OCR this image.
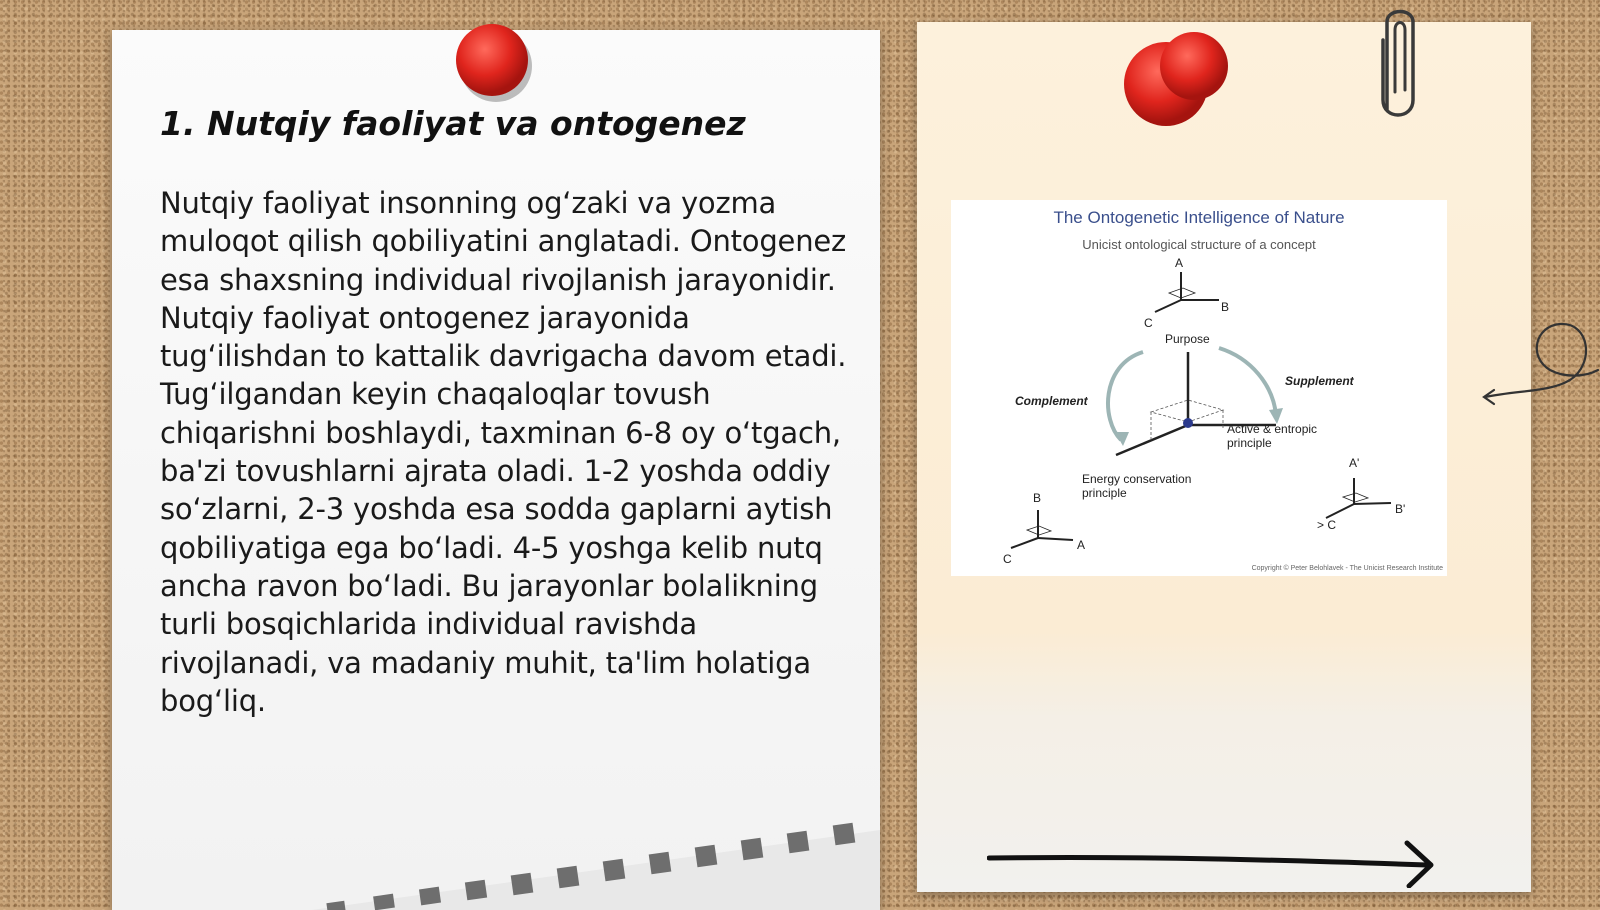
1. Nutqiy faoliyat va ontogenez

Nutqiy faoliyat insonning og‘zaki va yozma muloqot qilish qobiliyatini anglatadi. Ontogenez esa shaxsning individual rivojlanish jarayonidir. Nutqiy faoliyat ontogenez jarayonida tug‘ilishdan to kattalik davrigacha davom etadi. Tug‘ilgandan keyin chaqaloqlar tovush chiqarishni boshlaydi, taxminan 6-8 oy o‘tgach, ba'zi tovushlarni ajrata oladi. 1-2 yoshda oddiy so‘zlarni, 2-3 yoshda esa sodda gaplarni aytish qobiliyatiga ega bo‘ladi. 4-5 yoshga kelib nutq ancha ravon bo‘ladi. Bu jarayonlar bolalikning turli bosqichlarida individual ravishda rivojlanadi, va madaniy muhit, ta'lim holatiga bog‘liq.

The Ontogenetic Intelligence of Nature
Unicist ontological structure of a concept
A
B
C
Purpose
Complement
Supplement
Active & entropic principle
Energy conservation principle
B
A
C
A'
B'
> C
Copyright © Peter Belohlavek - The Unicist Research Institute
